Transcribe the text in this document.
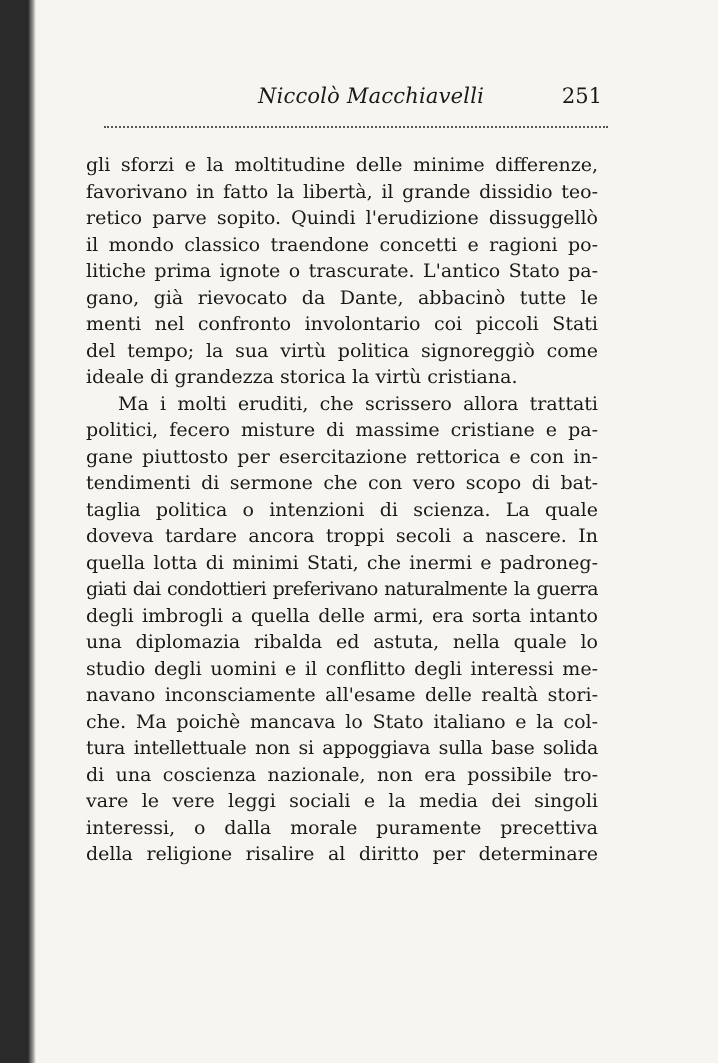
Niccolò Macchiavelli	251
gli sforzi e la moltitudine delle minime differenze,
favorivano in fatto la libertà, il grande dissidio teo-
retico parve sopito. Quindi l'erudizione dissuggellò
il mondo classico traendone concetti e ragioni po-
litiche prima ignote o trascurate. L'antico Stato pa-
gano, già rievocato da Dante, abbacinò tutte le
menti nel confronto involontario coi piccoli Stati
del tempo; la sua virtù politica signoreggiò come
ideale di grandezza storica la virtù cristiana.
Ma i molti eruditi, che scrissero allora trattati
politici, fecero misture di massime cristiane e pa-
gane piuttosto per esercitazione rettorica e con in-
tendimenti di sermone che con vero scopo di bat-
taglia politica o intenzioni di scienza. La quale
doveva tardare ancora troppi secoli a nascere. In
quella lotta di minimi Stati, che inermi e padroneg-
giati dai condottieri preferivano naturalmente la guerra
degli imbrogli a quella delle armi, era sorta intanto
una diplomazia ribalda ed astuta, nella quale lo
studio degli uomini e il conflitto degli interessi me-
navano inconsciamente all'esame delle realtà stori-
che. Ma poichè mancava lo Stato italiano e la col-
tura intellettuale non si appoggiava sulla base solida
di una coscienza nazionale, non era possibile tro-
vare le vere leggi sociali e la media dei singoli
interessi, o dalla morale puramente precettiva
della religione risalire al diritto per determinare
